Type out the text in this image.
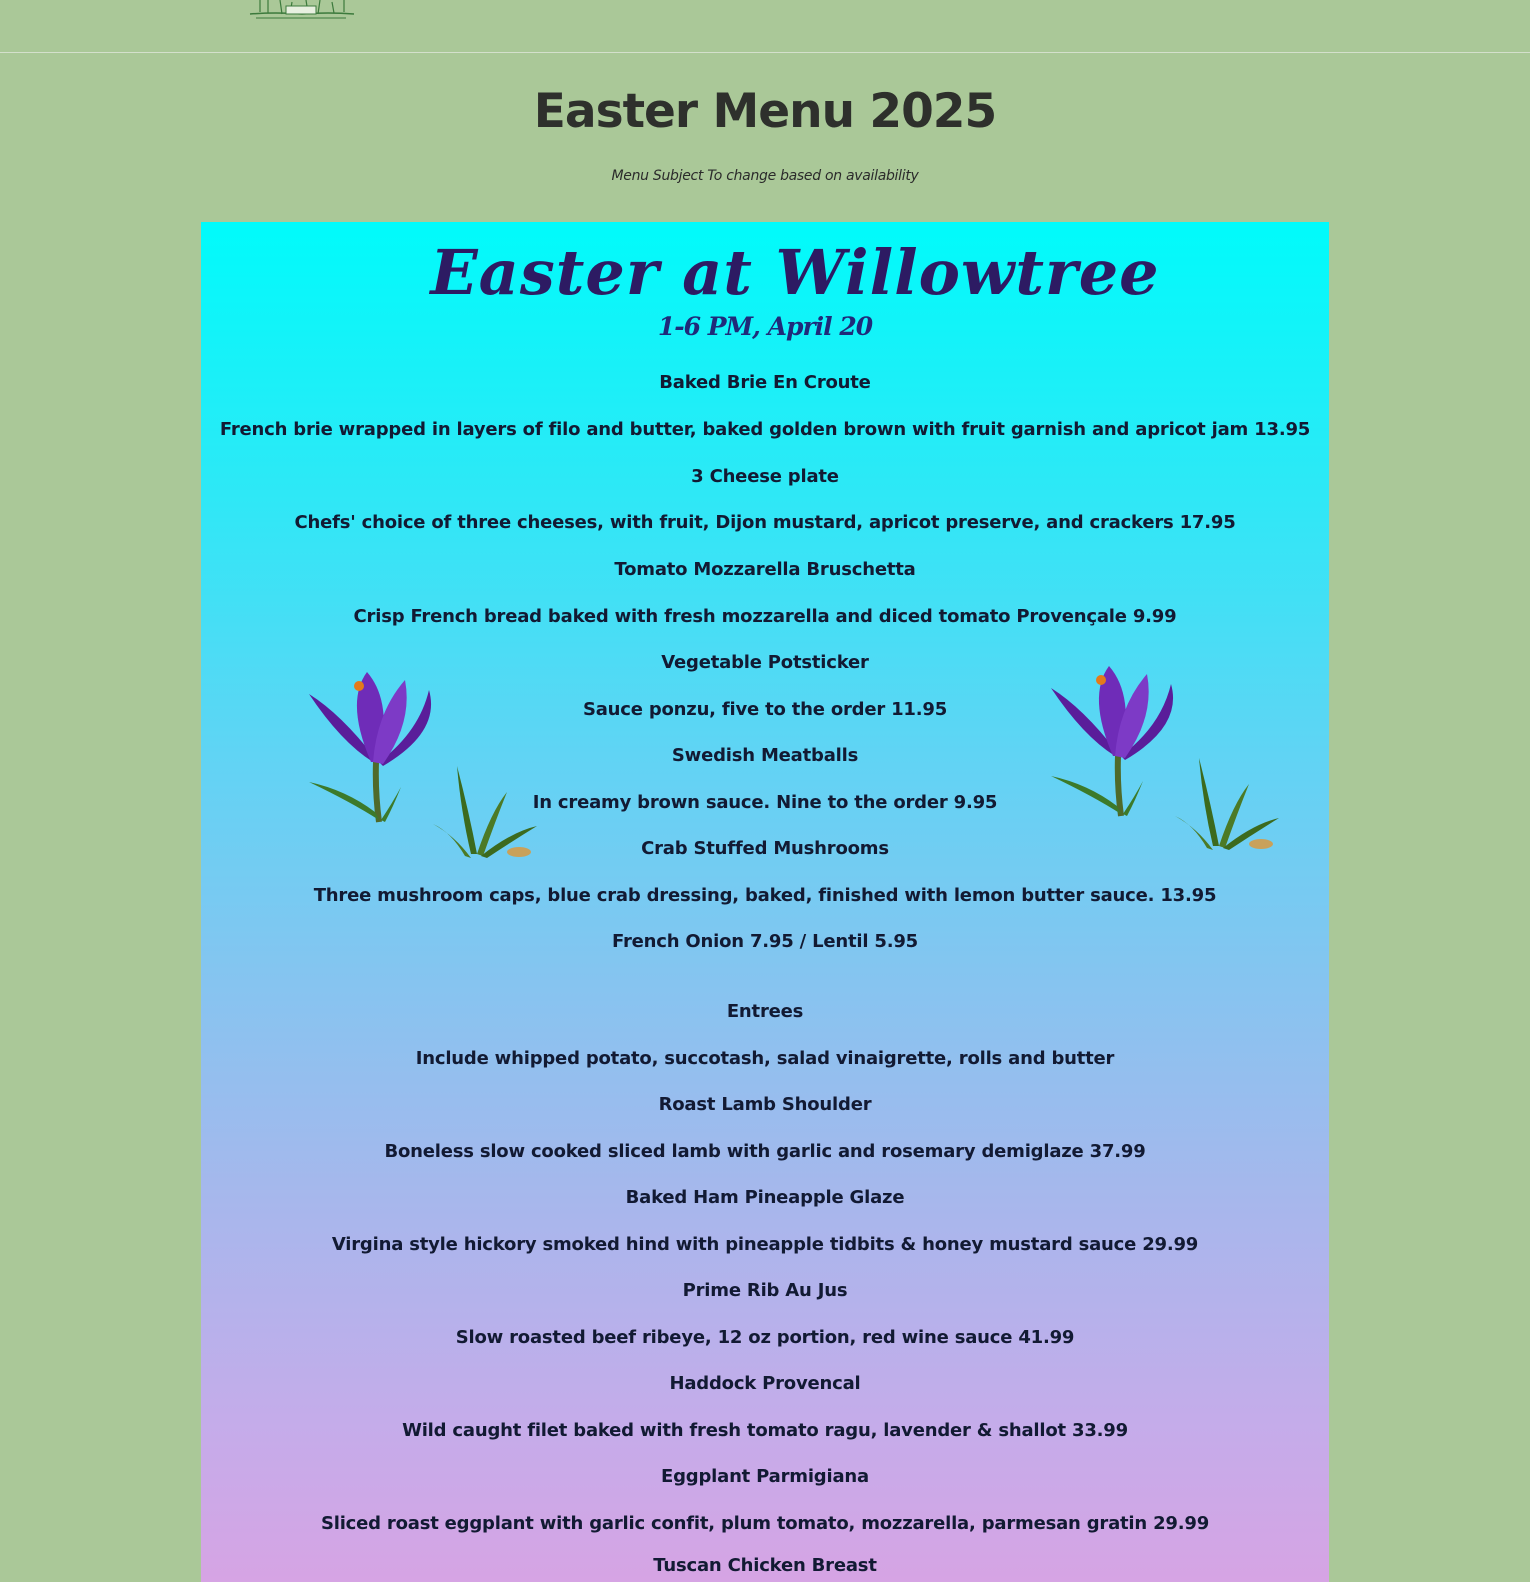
Easter Menu 2025
Menu Subject To change based on availability
Easter at Willowtree
1-6 PM, April 20
Baked Brie En Croute
French brie wrapped in layers of filo and butter, baked golden brown with fruit garnish and apricot jam 13.95
3 Cheese plate
Chefs' choice of three cheeses, with fruit, Dijon mustard, apricot preserve, and crackers 17.95
Tomato Mozzarella Bruschetta
Crisp French bread baked with fresh mozzarella and diced tomato Provençale 9.99
Vegetable Potsticker
Sauce ponzu, five to the order 11.95
Swedish Meatballs
In creamy brown sauce. Nine to the order 9.95
Crab Stuffed Mushrooms
Three mushroom caps, blue crab dressing, baked, finished with lemon butter sauce. 13.95
French Onion 7.95 / Lentil 5.95
Entrees
Include whipped potato, succotash, salad vinaigrette, rolls and butter
Roast Lamb Shoulder
Boneless slow cooked sliced lamb with garlic and rosemary demiglaze 37.99
Baked Ham Pineapple Glaze
Virgina style hickory smoked hind with pineapple tidbits & honey mustard sauce 29.99
Prime Rib Au Jus
Slow roasted beef ribeye, 12 oz portion, red wine sauce 41.99
Haddock Provencal
Wild caught filet baked with fresh tomato ragu, lavender & shallot 33.99
Eggplant Parmigiana
Sliced roast eggplant with garlic confit, plum tomato, mozzarella, parmesan gratin 29.99
Tuscan Chicken Breast
